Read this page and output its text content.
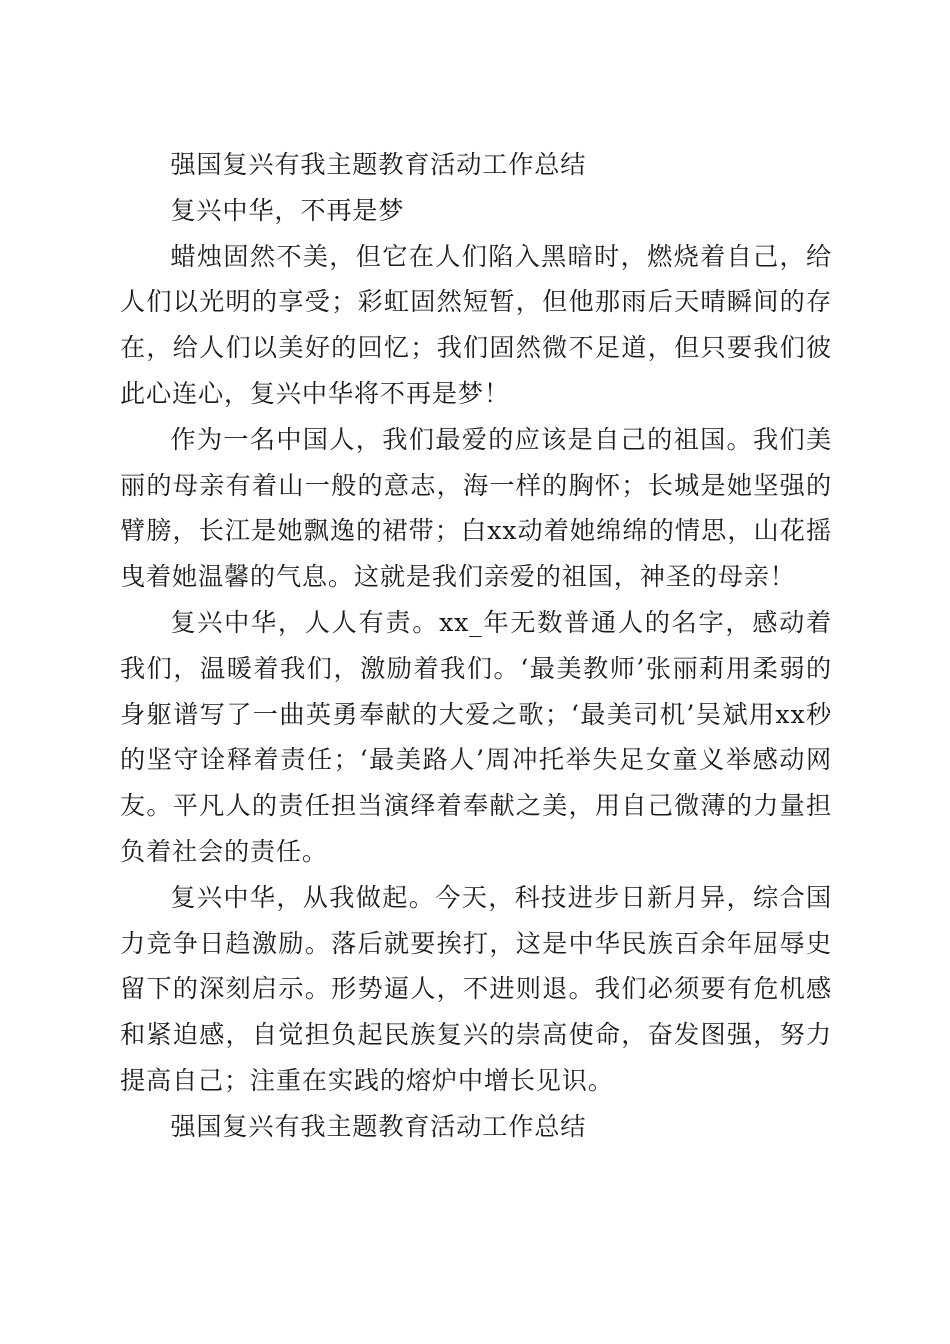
强国复兴有我主题教育活动工作总结

复兴中华，不再是梦

蜡烛固然不美，但它在人们陷入黑暗时，燃烧着自己，给人们以光明的享受；彩虹固然短暂，但他那雨后天晴瞬间的存在，给人们以美好的回忆；我们固然微不足道，但只要我们彼此心连心，复兴中华将不再是梦！

作为一名中国人，我们最爱的应该是自己的祖国。我们美丽的母亲有着山一般的意志，海一样的胸怀；长城是她坚强的臂膀，长江是她飘逸的裙带；白xx动着她绵绵的情思，山花摇曳着她温馨的气息。这就是我们亲爱的祖国，神圣的母亲！

复兴中华，人人有责。xx_年无数普通人的名字，感动着我们，温暖着我们，激励着我们。‘最美教师’张丽莉用柔弱的身躯谱写了一曲英勇奉献的大爱之歌；‘最美司机’吴斌用xx秒的坚守诠释着责任；‘最美路人’周冲托举失足女童义举感动网友。平凡人的责任担当演绎着奉献之美，用自己微薄的力量担负着社会的责任。

复兴中华，从我做起。今天，科技进步日新月异，综合国力竞争日趋激励。落后就要挨打，这是中华民族百余年屈辱史留下的深刻启示。形势逼人，不进则退。我们必须要有危机感和紧迫感，自觉担负起民族复兴的崇高使命，奋发图强，努力提高自己；注重在实践的熔炉中增长见识。

强国复兴有我主题教育活动工作总结
